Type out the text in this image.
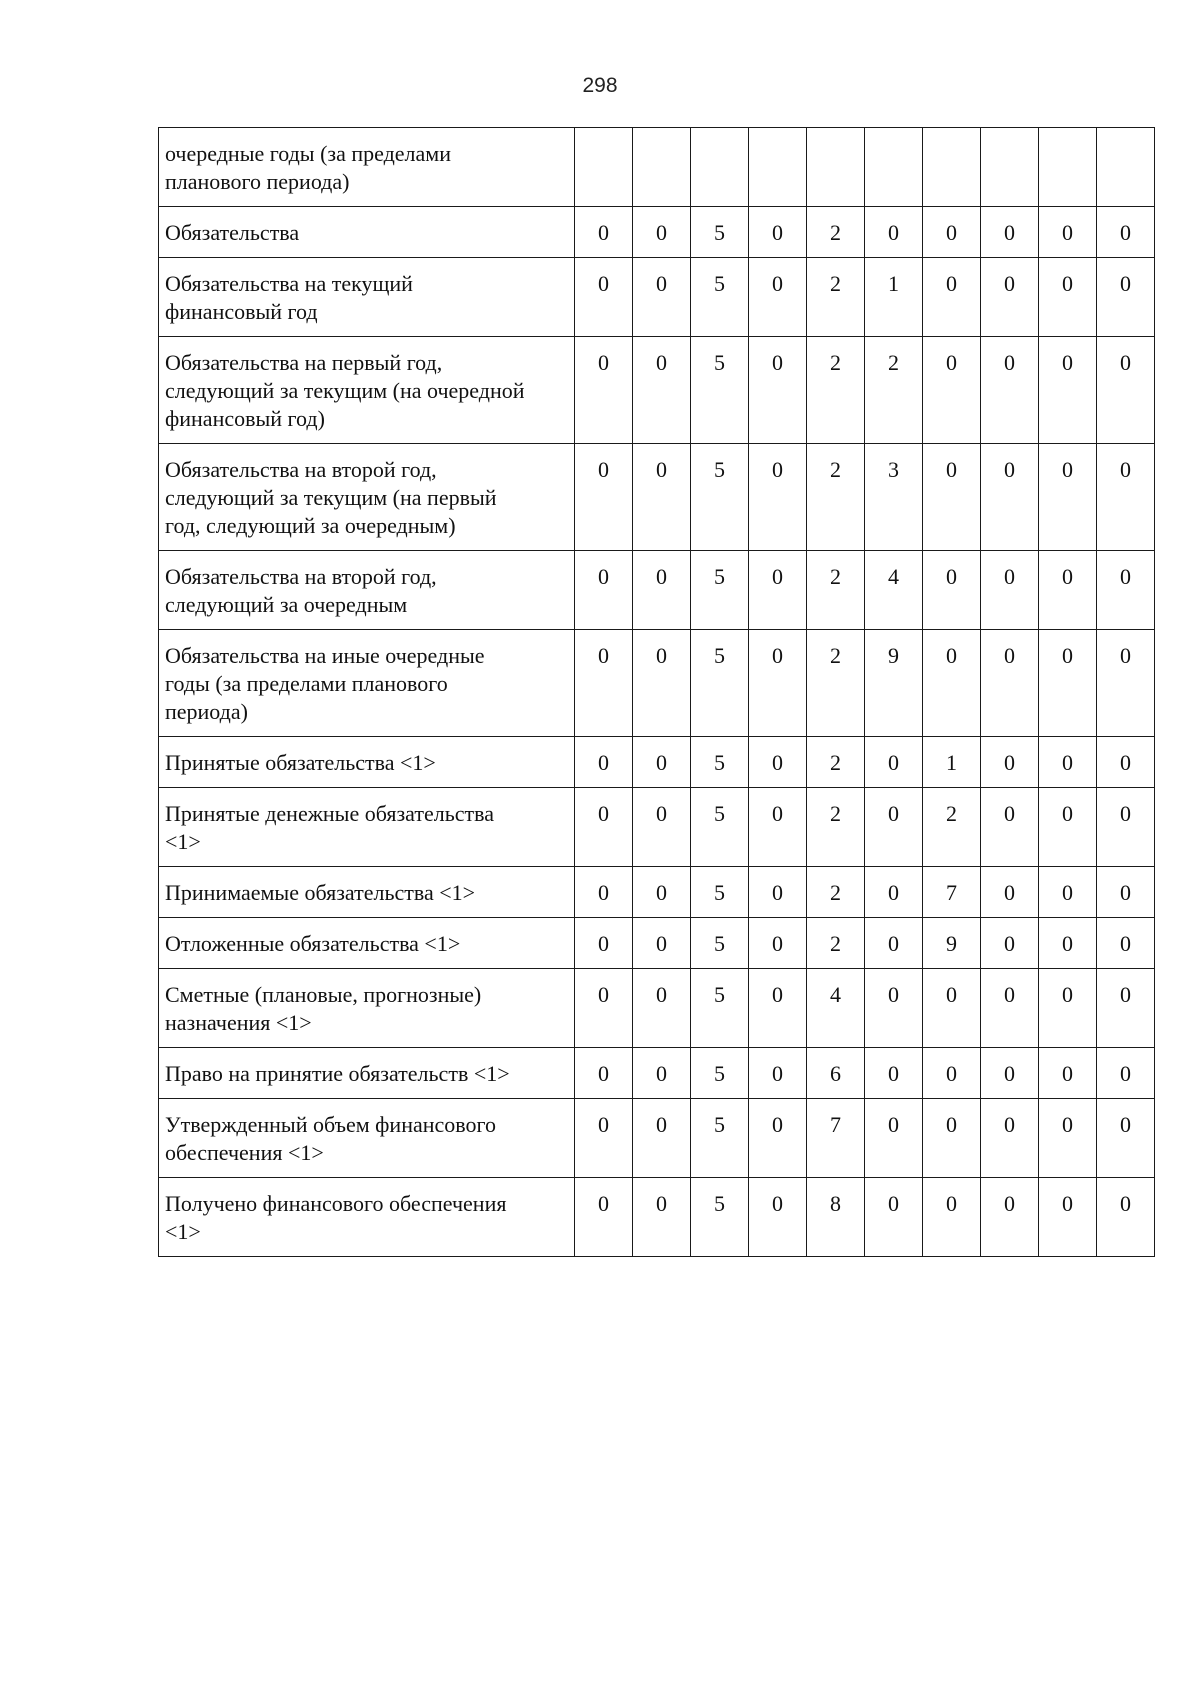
298
очередные годы (за пределами
планового периода)										
Обязательства	0	0	5	0	2	0	0	0	0	0
Обязательства на текущий
финансовый год	0	0	5	0	2	1	0	0	0	0
Обязательства на первый год,
следующий за текущим (на очередной
финансовый год)	0	0	5	0	2	2	0	0	0	0
Обязательства на второй год,
следующий за текущим (на первый
год, следующий за очередным)	0	0	5	0	2	3	0	0	0	0
Обязательства на второй год,
следующий за очередным	0	0	5	0	2	4	0	0	0	0
Обязательства на иные очередные
годы (за пределами планового
периода)	0	0	5	0	2	9	0	0	0	0
Принятые обязательства <1>	0	0	5	0	2	0	1	0	0	0
Принятые денежные обязательства
<1>	0	0	5	0	2	0	2	0	0	0
Принимаемые обязательства <1>	0	0	5	0	2	0	7	0	0	0
Отложенные обязательства <1>	0	0	5	0	2	0	9	0	0	0
Сметные (плановые, прогнозные)
назначения <1>	0	0	5	0	4	0	0	0	0	0
Право на принятие обязательств <1>	0	0	5	0	6	0	0	0	0	0
Утвержденный объем финансового
обеспечения <1>	0	0	5	0	7	0	0	0	0	0
Получено финансового обеспечения
<1>	0	0	5	0	8	0	0	0	0	0
